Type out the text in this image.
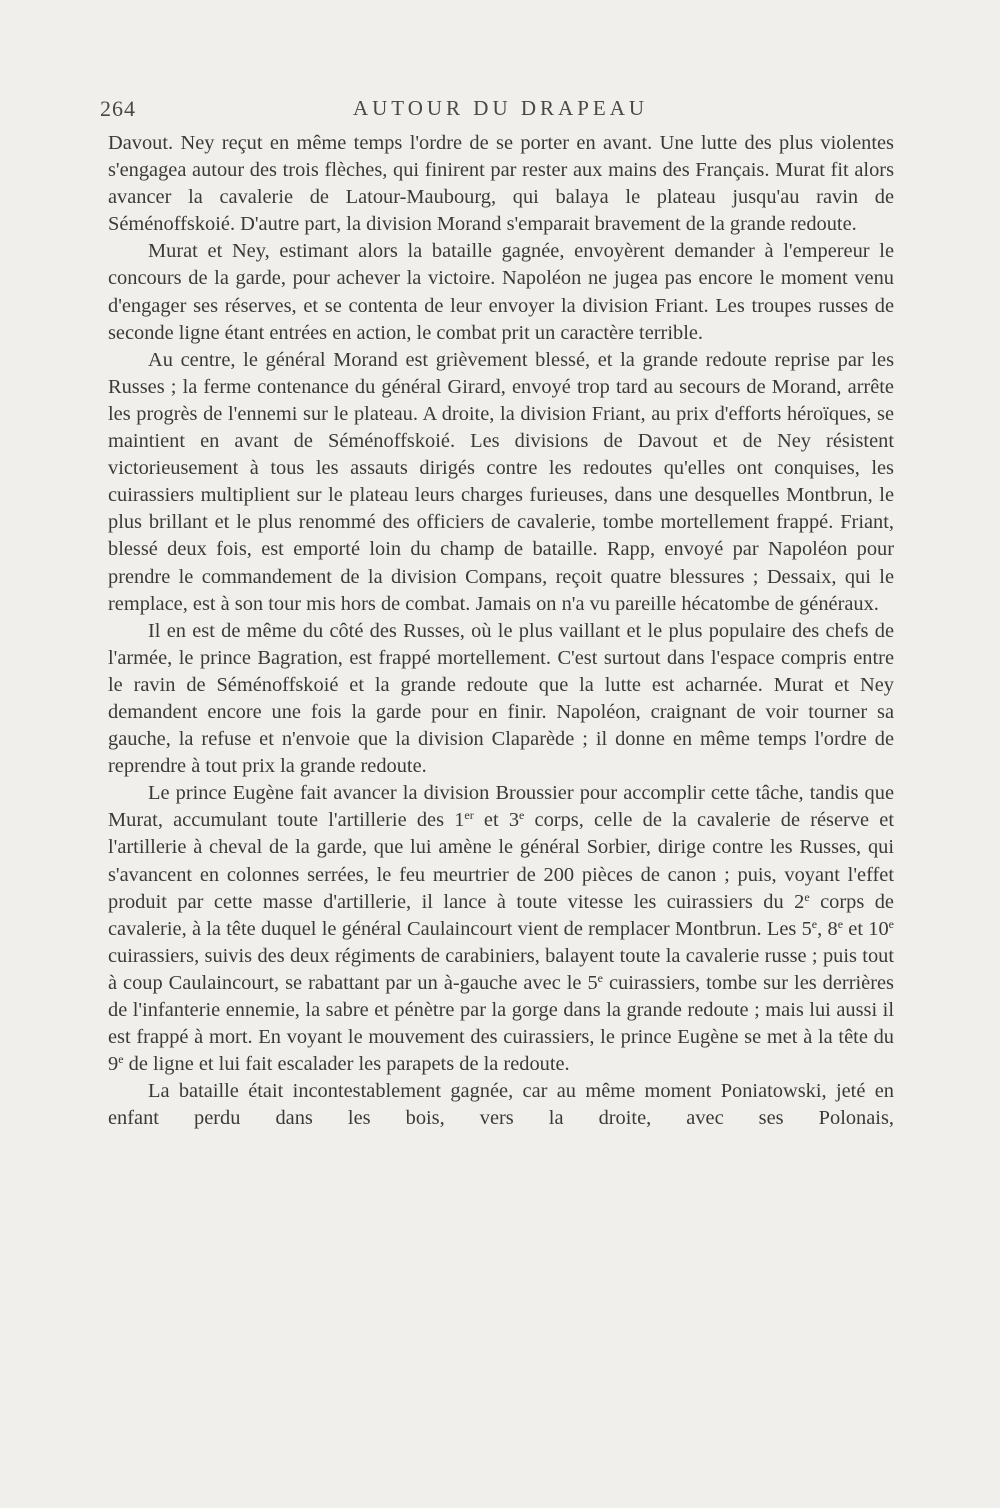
264	AUTOUR DU DRAPEAU

Davout. Ney reçut en même temps l'ordre de se porter en avant. Une lutte des plus violentes s'engagea autour des trois flèches, qui finirent par rester aux mains des Français. Murat fit alors avancer la cavalerie de Latour-Maubourg, qui balaya le plateau jusqu'au ravin de Séménoffskoié. D'autre part, la division Morand s'emparait bravement de la grande redoute.

Murat et Ney, estimant alors la bataille gagnée, envoyèrent demander à l'empereur le concours de la garde, pour achever la victoire. Napoléon ne jugea pas encore le moment venu d'engager ses réserves, et se contenta de leur envoyer la division Friant. Les troupes russes de seconde ligne étant entrées en action, le combat prit un caractère terrible.

Au centre, le général Morand est grièvement blessé, et la grande redoute reprise par les Russes ; la ferme contenance du général Girard, envoyé trop tard au secours de Morand, arrête les progrès de l'ennemi sur le plateau. A droite, la division Friant, au prix d'efforts héroïques, se maintient en avant de Séménoffskoié. Les divisions de Davout et de Ney résistent victorieusement à tous les assauts dirigés contre les redoutes qu'elles ont conquises, les cuirassiers multiplient sur le plateau leurs charges furieuses, dans une desquelles Montbrun, le plus brillant et le plus renommé des officiers de cavalerie, tombe mortellement frappé. Friant, blessé deux fois, est emporté loin du champ de bataille. Rapp, envoyé par Napoléon pour prendre le commandement de la division Compans, reçoit quatre blessures ; Dessaix, qui le remplace, est à son tour mis hors de combat. Jamais on n'a vu pareille hécatombe de généraux.

Il en est de même du côté des Russes, où le plus vaillant et le plus populaire des chefs de l'armée, le prince Bagration, est frappé mortellement. C'est surtout dans l'espace compris entre le ravin de Séménoffskoié et la grande redoute que la lutte est acharnée. Murat et Ney demandent encore une fois la garde pour en finir. Napoléon, craignant de voir tourner sa gauche, la refuse et n'envoie que la division Claparède ; il donne en même temps l'ordre de reprendre à tout prix la grande redoute.

Le prince Eugène fait avancer la division Broussier pour accomplir cette tâche, tandis que Murat, accumulant toute l'artillerie des 1er et 3e corps, celle de la cavalerie de réserve et l'artillerie à cheval de la garde, que lui amène le général Sorbier, dirige contre les Russes, qui s'avancent en colonnes serrées, le feu meurtrier de 200 pièces de canon ; puis, voyant l'effet produit par cette masse d'artillerie, il lance à toute vitesse les cuirassiers du 2e corps de cavalerie, à la tête duquel le général Caulaincourt vient de remplacer Montbrun. Les 5e, 8e et 10e cuirassiers, suivis des deux régiments de carabiniers, balayent toute la cavalerie russe ; puis tout à coup Caulaincourt, se rabattant par un à-gauche avec le 5e cuirassiers, tombe sur les derrières de l'infanterie ennemie, la sabre et pénètre par la gorge dans la grande redoute ; mais lui aussi il est frappé à mort. En voyant le mouvement des cuirassiers, le prince Eugène se met à la tête du 9e de ligne et lui fait escalader les parapets de la redoute.

La bataille était incontestablement gagnée, car au même moment Poniatowski, jeté en enfant perdu dans les bois, vers la droite, avec ses Polonais,
